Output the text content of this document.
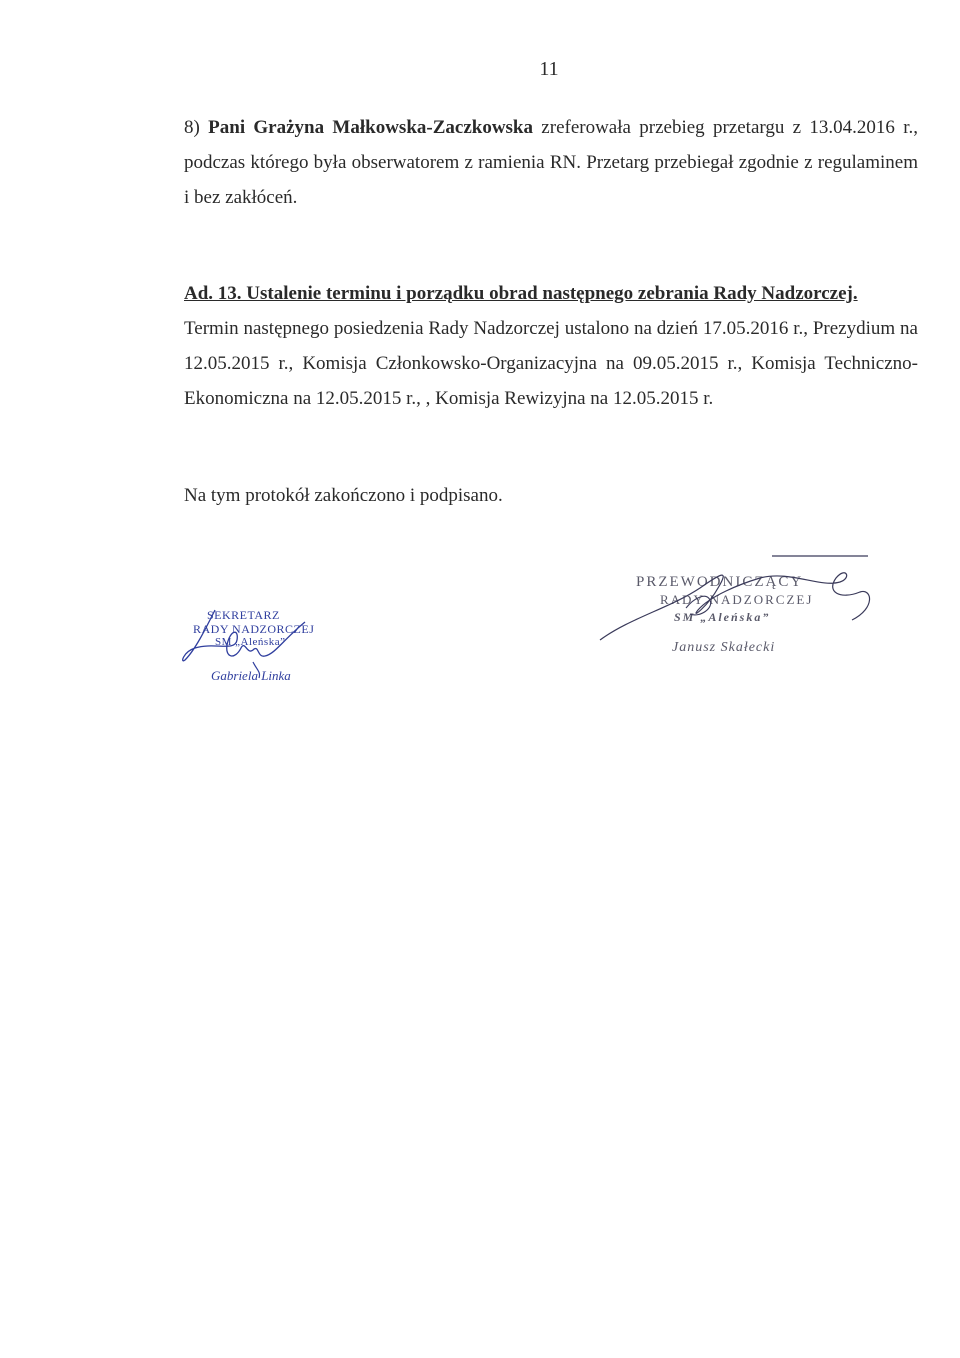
11

8) Pani Grażyna Małkowska-Zaczkowska zreferowała przebieg przetargu z 13.04.2016 r., podczas którego była obserwatorem z ramienia RN. Przetarg przebiegał zgodnie z regulaminem i bez zakłóceń.

Ad. 13. Ustalenie terminu i porządku obrad następnego zebrania Rady Nadzorczej.
Termin następnego posiedzenia Rady Nadzorczej ustalono na dzień 17.05.2016 r., Prezydium na 12.05.2015 r., Komisja Członkowsko-Organizacyjna na 09.05.2015 r., Komisja Techniczno-Ekonomiczna na 12.05.2015 r., , Komisja Rewizyjna na 12.05.2015 r.

Na tym protokół zakończono i podpisano.

SEKRETARZ
RADY NADZORCZEJ
SM „Aleńska”
Gabriela Linka
PRZEWODNICZĄCY
RADY NADZORCZEJ
SM „Aleńska”
Janusz Skałecki
